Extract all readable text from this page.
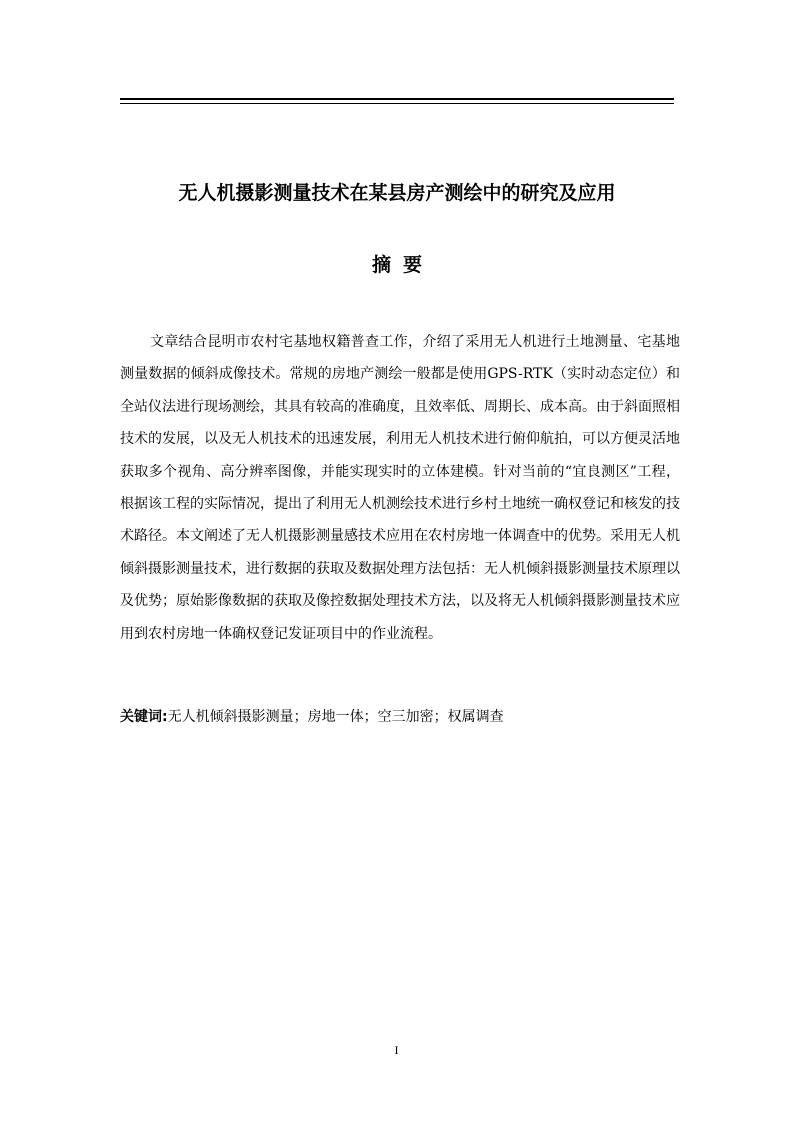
无人机摄影测量技术在某县房产测绘中的研究及应用
摘要

文章结合昆明市农村宅基地权籍普查工作，介绍了采用无人机进行土地测量、宅基地测量数据的倾斜成像技术。常规的房地产测绘一般都是使用GPS-RTK（实时动态定位）和全站仪法进行现场测绘，其具有较高的准确度，且效率低、周期长、成本高。由于斜面照相技术的发展，以及无人机技术的迅速发展，利用无人机技术进行俯仰航拍，可以方便灵活地获取多个视角、高分辨率图像，并能实现实时的立体建模。针对当前的“宜良测区”工程，根据该工程的实际情况，提出了利用无人机测绘技术进行乡村土地统一确权登记和核发的技术路径。本文阐述了无人机摄影测量感技术应用在农村房地一体调查中的优势。采用无人机倾斜摄影测量技术，进行数据的获取及数据处理方法包括：无人机倾斜摄影测量技术原理以及优势；原始影像数据的获取及像控数据处理技术方法，以及将无人机倾斜摄影测量技术应用到农村房地一体确权登记发证项目中的作业流程。

关键词:无人机倾斜摄影测量；房地一体；空三加密；权属调查

I
